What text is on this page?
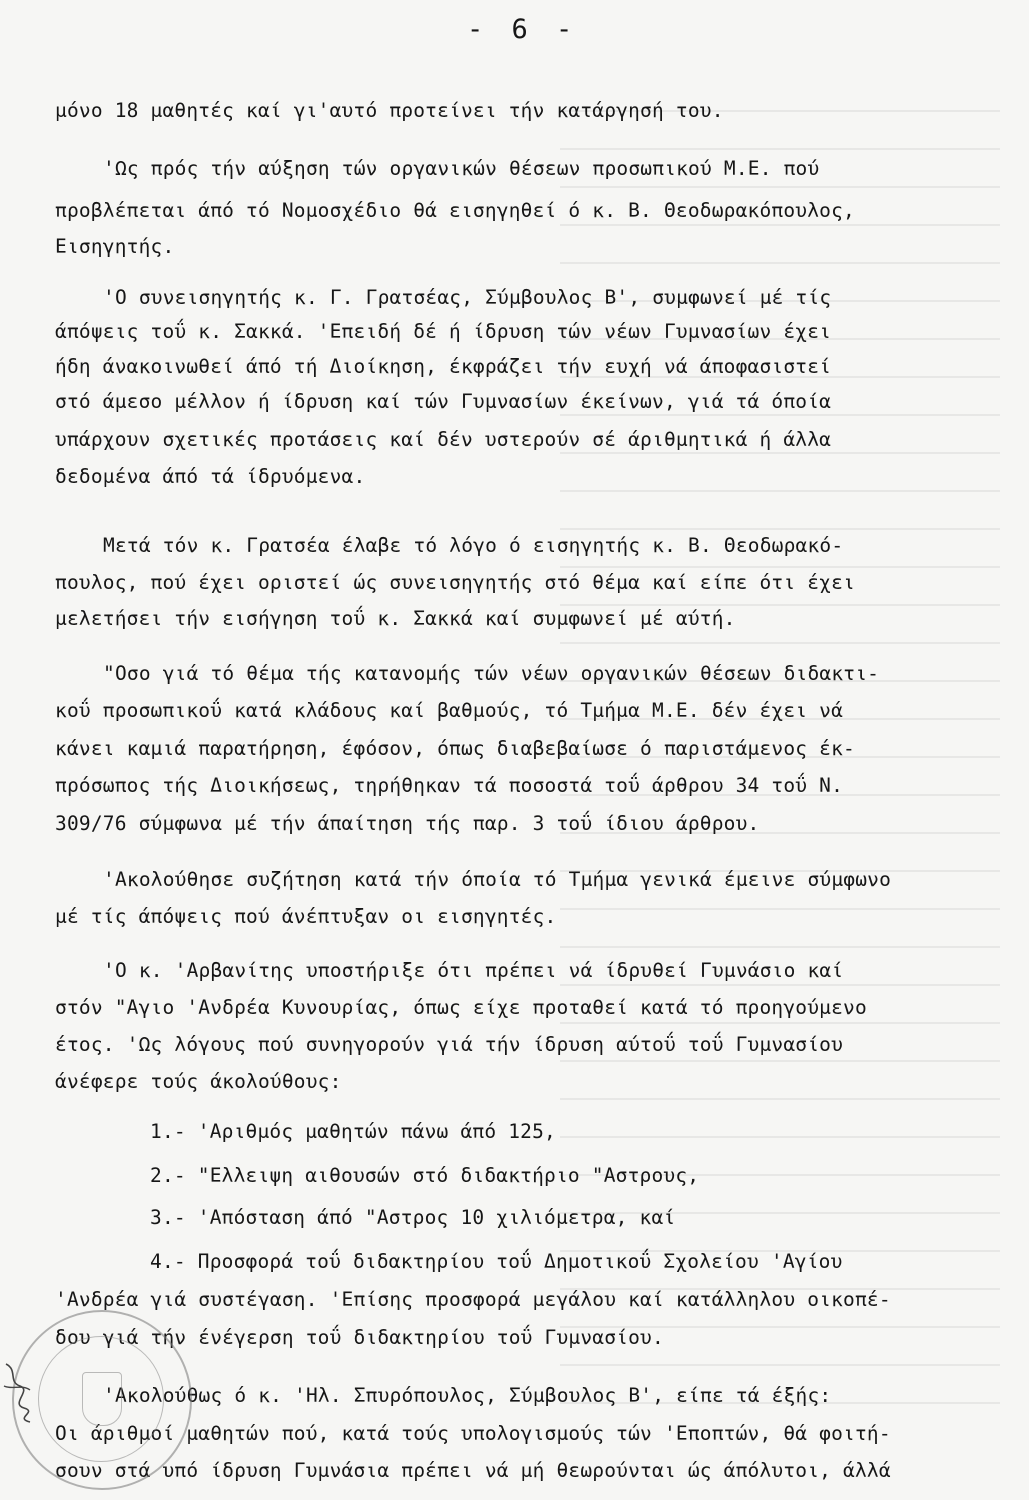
- 6 -
μόνο 18 μαθητές καί γι'αυτό προτείνει τήν κατάργησή του.
'Ως πρός τήν αύξηση τών οργανικών θέσεων προσωπικού Μ.Ε. πού
προβλέπεται άπό τό Νομοσχέδιο θά εισηγηθεί ό κ. Β. Θεοδωρακόπουλος,
Εισηγητής.
'Ο συνεισηγητής κ. Γ. Γρατσέας, Σύμβουλος Β', συμφωνεί μέ τίς
άπόψεις τοΰ κ. Σακκά. 'Επειδή δέ ή ίδρυση τών νέων Γυμνασίων έχει
ήδη άνακοινωθεί άπό τή Διοίκηση, έκφράζει τήν ευχή νά άποφασιστεί
στό άμεσο μέλλον ή ίδρυση καί τών Γυμνασίων έκείνων, γιά τά όποία
υπάρχουν σχετικές προτάσεις καί δέν υστερούν σέ άριθμητικά ή άλλα
δεδομένα άπό τά ίδρυόμενα.
Μετά τόν κ. Γρατσέα έλαβε τό λόγο ό εισηγητής κ. Β. Θεοδωρακό-
πουλος, πού έχει οριστεί ώς συνεισηγητής στό θέμα καί είπε ότι έχει
μελετήσει τήν εισήγηση τοΰ κ. Σακκά καί συμφωνεί μέ αύτή.
"Οσο γιά τό θέμα τής κατανομής τών νέων οργανικών θέσεων διδακτι-
κοΰ προσωπικοΰ κατά κλάδους καί βαθμούς, τό Τμήμα Μ.Ε. δέν έχει νά
κάνει καμιά παρατήρηση, έφόσον, όπως διαβεβαίωσε ό παριστάμενος έκ-
πρόσωπος τής Διοικήσεως, τηρήθηκαν τά ποσοστά τοΰ άρθρου 34 τοΰ Ν.
309/76 σύμφωνα μέ τήν άπαίτηση τής παρ. 3 τοΰ ίδιου άρθρου.
'Ακολούθησε συζήτηση κατά τήν όποία τό Τμήμα γενικά έμεινε σύμφωνο
μέ τίς άπόψεις πού άνέπτυξαν οι εισηγητές.
'Ο κ. 'Αρβανίτης υποστήριξε ότι πρέπει νά ίδρυθεί Γυμνάσιο καί
στόν "Αγιο 'Ανδρέα Κυνουρίας, όπως είχε προταθεί κατά τό προηγούμενο
έτος. 'Ως λόγους πού συνηγορούν γιά τήν ίδρυση αύτοΰ τοΰ Γυμνασίου
άνέφερε τούς άκολούθους:
1.- 'Αριθμός μαθητών πάνω άπό 125,
2.- "Ελλειψη αιθουσών στό διδακτήριο "Αστρους,
3.- 'Απόσταση άπό "Αστρος 10 χιλιόμετρα, καί
4.- Προσφορά τοΰ διδακτηρίου τοΰ Δημοτικοΰ Σχολείου 'Αγίου
'Ανδρέα γιά συστέγαση. 'Επίσης προσφορά μεγάλου καί κατάλληλου οικοπέ-
δου γιά τήν ένέγερση τοΰ διδακτηρίου τοΰ Γυμνασίου.
'Ακολούθως ό κ. 'Ηλ. Σπυρόπουλος, Σύμβουλος Β', είπε τά έξής:
Οι άριθμοί μαθητών πού, κατά τούς υπολογισμούς τών 'Εποπτών, θά φοιτή-
σουν στά υπό ίδρυση Γυμνάσια πρέπει νά μή θεωρούνται ώς άπόλυτοι, άλλά
